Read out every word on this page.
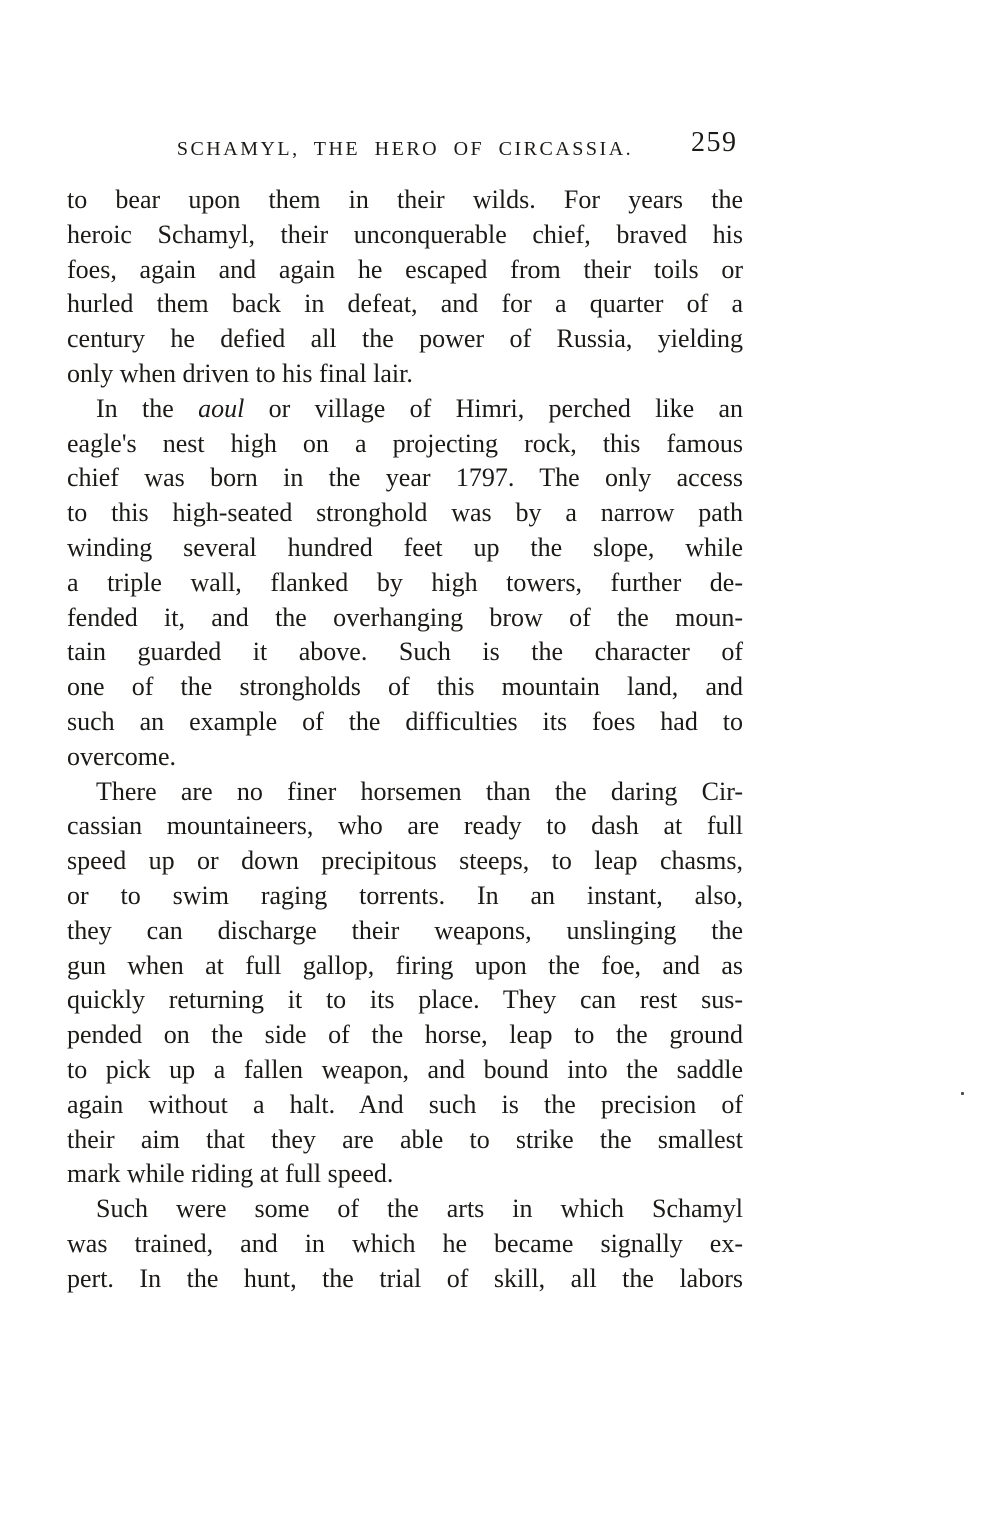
SCHAMYL, THE HERO OF CIRCASSIA.	259
to bear upon them in their wilds. For years the
heroic Schamyl, their unconquerable chief, braved his
foes, again and again he escaped from their toils or
hurled them back in defeat, and for a quarter of a
century he defied all the power of Russia, yielding
only when driven to his final lair.
In the aoul or village of Himri, perched like an
eagle's nest high on a projecting rock, this famous
chief was born in the year 1797. The only access
to this high-seated stronghold was by a narrow path
winding several hundred feet up the slope, while
a triple wall, flanked by high towers, further de-
fended it, and the overhanging brow of the moun-
tain guarded it above. Such is the character of
one of the strongholds of this mountain land, and
such an example of the difficulties its foes had to
overcome.
There are no finer horsemen than the daring Cir-
cassian mountaineers, who are ready to dash at full
speed up or down precipitous steeps, to leap chasms,
or to swim raging torrents. In an instant, also,
they can discharge their weapons, unslinging the
gun when at full gallop, firing upon the foe, and as
quickly returning it to its place. They can rest sus-
pended on the side of the horse, leap to the ground
to pick up a fallen weapon, and bound into the saddle
again without a halt. And such is the precision of
their aim that they are able to strike the smallest
mark while riding at full speed.
Such were some of the arts in which Schamyl
was trained, and in which he became signally ex-
pert. In the hunt, the trial of skill, all the labors
